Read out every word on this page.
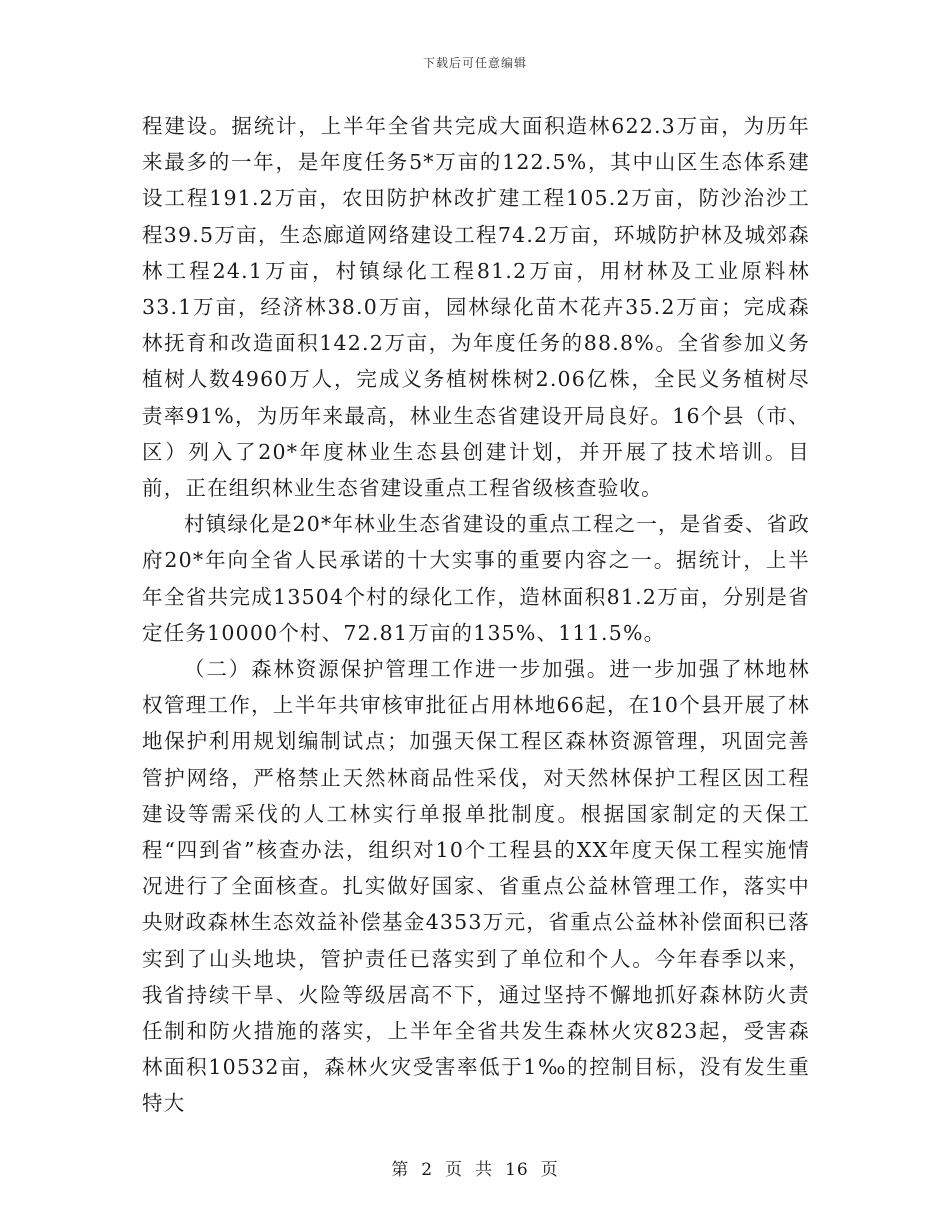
下载后可任意编辑

程建设。据统计，上半年全省共完成大面积造林622.3万亩，为历年来最多的一年，是年度任务5*万亩的122.5%，其中山区生态体系建设工程191.2万亩，农田防护林改扩建工程105.2万亩，防沙治沙工程39.5万亩，生态廊道网络建设工程74.2万亩，环城防护林及城郊森林工程24.1万亩，村镇绿化工程81.2万亩，用材林及工业原料林33.1万亩，经济林38.0万亩，园林绿化苗木花卉35.2万亩；完成森林抚育和改造面积142.2万亩，为年度任务的88.8%。全省参加义务植树人数4960万人，完成义务植树株树2.06亿株，全民义务植树尽责率91%，为历年来最高，林业生态省建设开局良好。16个县（市、区）列入了20*年度林业生态县创建计划，并开展了技术培训。目前，正在组织林业生态省建设重点工程省级核查验收。

村镇绿化是20*年林业生态省建设的重点工程之一，是省委、省政府20*年向全省人民承诺的十大实事的重要内容之一。据统计，上半年全省共完成13504个村的绿化工作，造林面积81.2万亩，分别是省定任务10000个村、72.81万亩的135%、111.5%。

（二）森林资源保护管理工作进一步加强。进一步加强了林地林权管理工作，上半年共审核审批征占用林地66起，在10个县开展了林地保护利用规划编制试点；加强天保工程区森林资源管理，巩固完善管护网络，严格禁止天然林商品性采伐，对天然林保护工程区因工程建设等需采伐的人工林实行单报单批制度。根据国家制定的天保工程“四到省”核查办法，组织对10个工程县的XX年度天保工程实施情况进行了全面核查。扎实做好国家、省重点公益林管理工作，落实中央财政森林生态效益补偿基金4353万元，省重点公益林补偿面积已落实到了山头地块，管护责任已落实到了单位和个人。今年春季以来，我省持续干旱、火险等级居高不下，通过坚持不懈地抓好森林防火责任制和防火措施的落实，上半年全省共发生森林火灾823起，受害森林面积10532亩，森林火灾受害率低于1‰的控制目标，没有发生重特大

第 2 页 共 16 页
